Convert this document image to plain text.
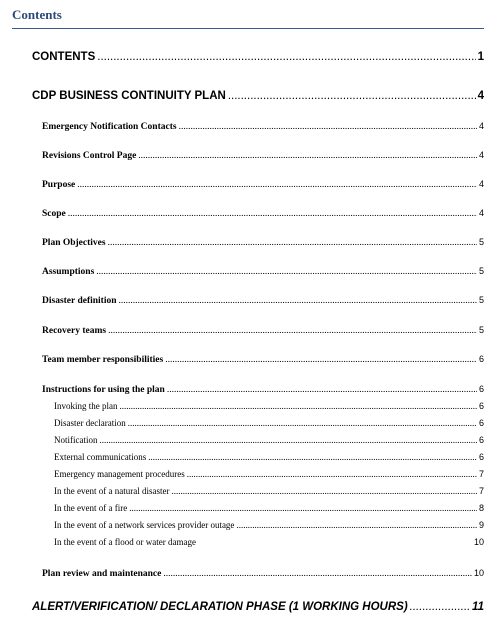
Contents
CONTENTS .....	1
CDP BUSINESS CONTINUITY PLAN .....	4
Emergency Notification Contacts .....	4
Revisions Control Page .....	4
Purpose .....	4
Scope .....	4
Plan Objectives .....	5
Assumptions .....	5
Disaster definition .....	5
Recovery teams .....	5
Team member responsibilities .....	6
Instructions for using the plan .....	6
Invoking the plan .....	6
Disaster declaration .....	6
Notification .....	6
External communications .....	6
Emergency management procedures .....	7
In the event of a natural disaster .....	7
In the event of a fire .....	8
In the event of a network services provider outage .....	9
In the event of a flood or water damage	10
Plan review and maintenance .....	10
ALERT/VERIFICATION/ DECLARATION PHASE (1 WORKING HOURS) .....	11
